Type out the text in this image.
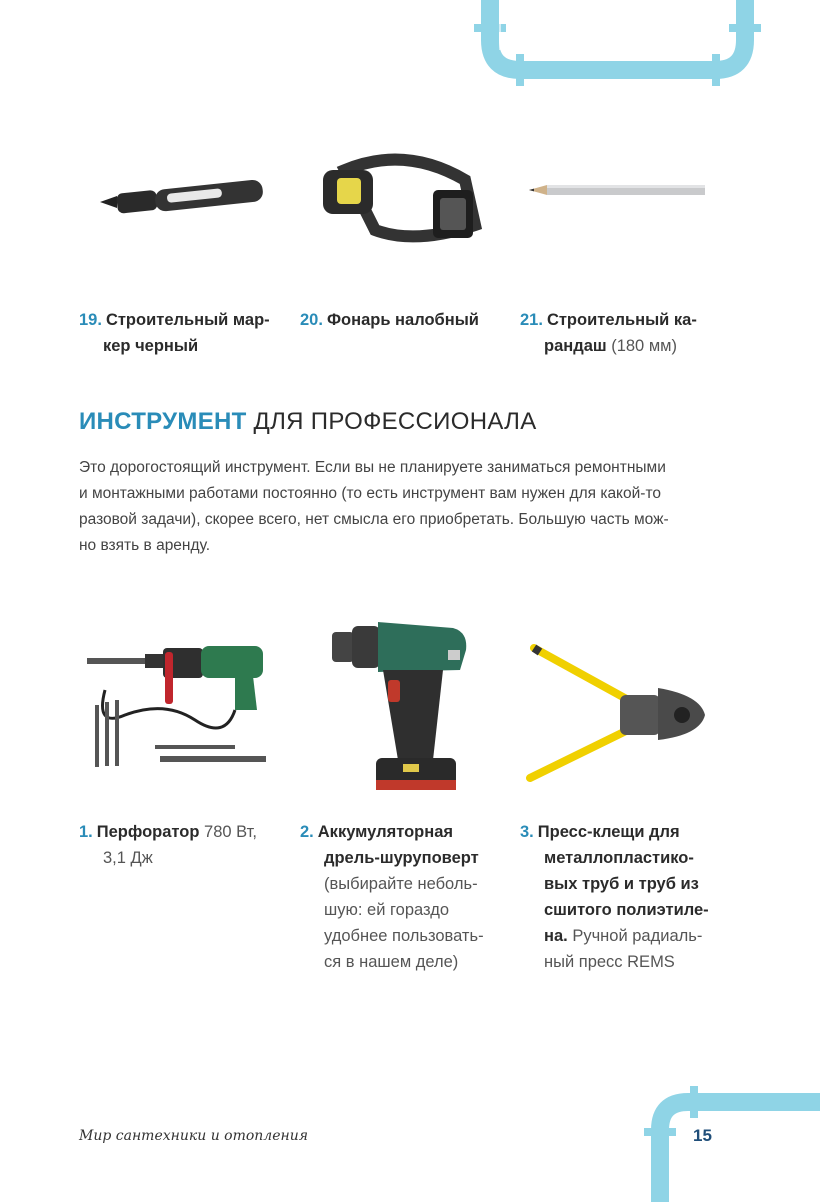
19. Строительный мар-
кер черный
20. Фонарь налобный	21. Строительный ка-
рандаш (180 мм)
ИНСТРУМЕНТ ДЛЯ ПРОФЕССИОНАЛА
Это дорогостоящий инструмент. Если вы не планируете заниматься ремонтными
и монтажными работами постоянно (то есть инструмент вам нужен для какой-то
разовой задачи), скорее всего, нет смысла его приобретать. Большую часть мож-
но взять в аренду.
1. Перфоратор 780 Вт,
3,1 Дж
2. Аккумуляторная
дрель-шуруповерт
(выбирайте неболь-
шую: ей гораздо
удобнее пользовать-
ся в нашем деле)
3. Пресс-клещи для
металлопластико-
вых труб и труб из
сшитого полиэтиле-
на. Ручной радиаль-
ный пресс REMS
Мир сантехники и отопления	15
